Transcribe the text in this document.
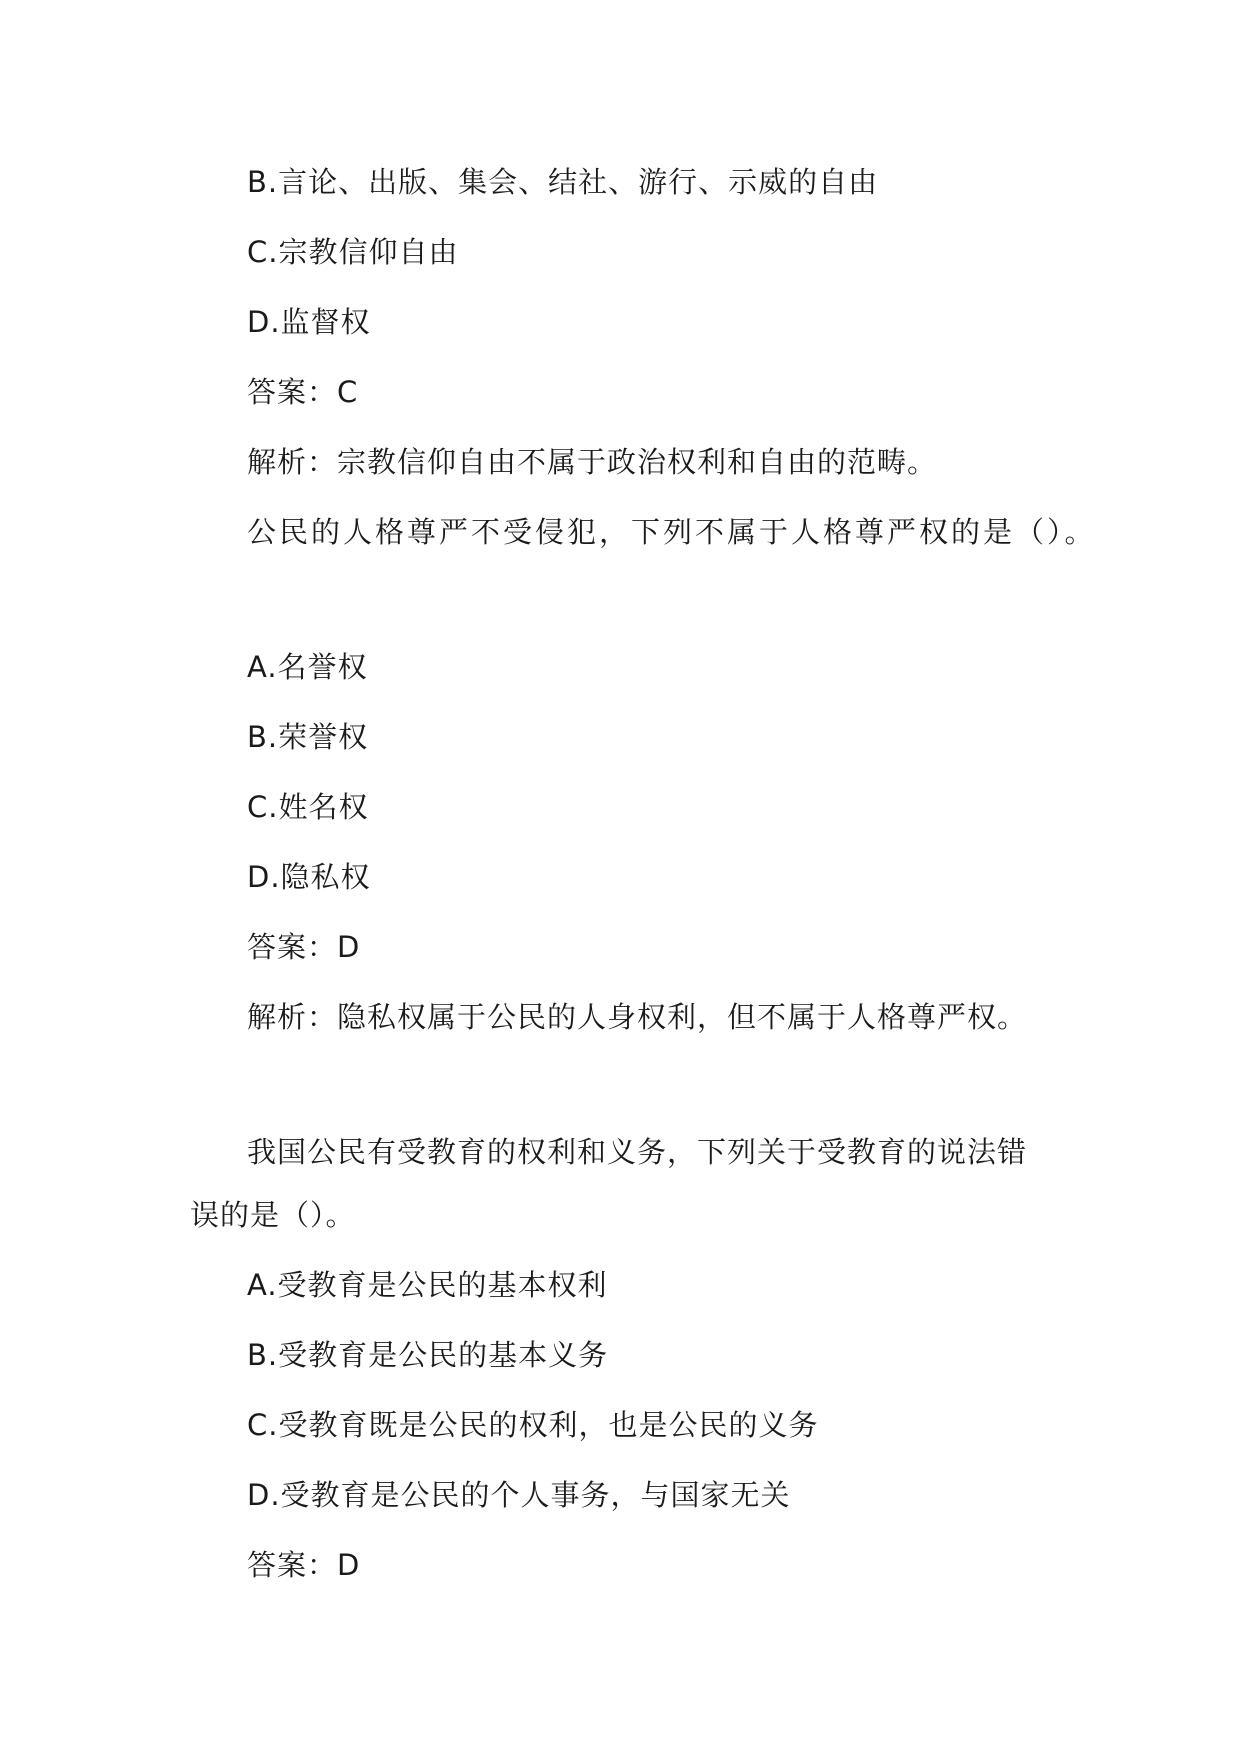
B.言论、出版、集会、结社、游行、示威的自由
C.宗教信仰自由
D.监督权
答案：C
解析：宗教信仰自由不属于政治权利和自由的范畴。
公民的人格尊严不受侵犯，下列不属于人格尊严权的是（）。
A.名誉权
B.荣誉权
C.姓名权
D.隐私权
答案：D
解析：隐私权属于公民的人身权利，但不属于人格尊严权。
我国公民有受教育的权利和义务，下列关于受教育的说法错
误的是（）。
A.受教育是公民的基本权利
B.受教育是公民的基本义务
C.受教育既是公民的权利，也是公民的义务
D.受教育是公民的个人事务，与国家无关
答案：D
